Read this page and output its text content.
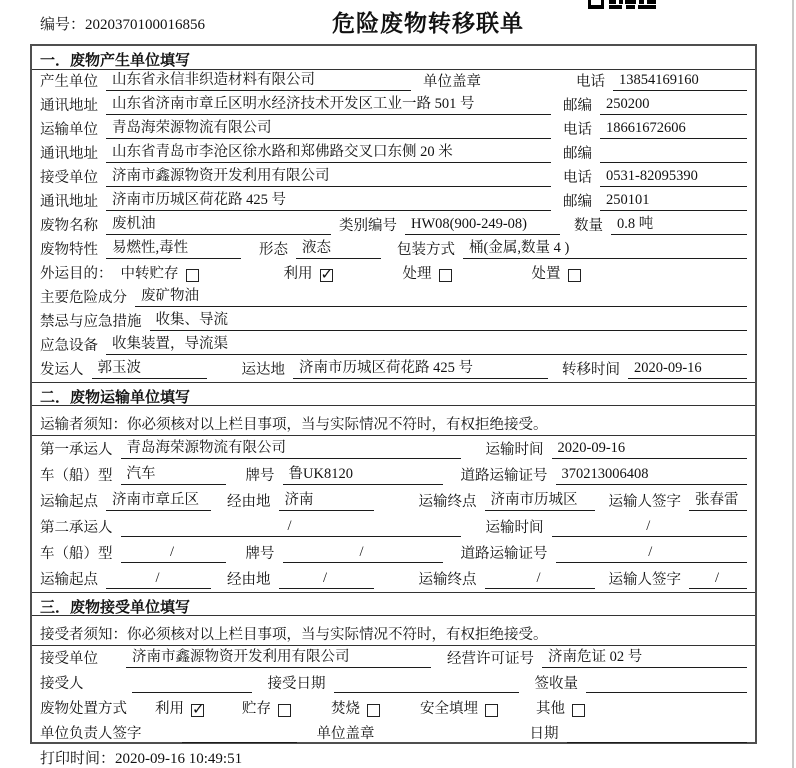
编号：2020370100016856	危险废物转移联单
一．废物产生单位填写
产生单位 山东省永信非织造材料有限公司	单位盖章	电话 13854169160
通讯地址 山东省济南市章丘区明水经济技术开发区工业一路 501 号	邮编 250200
运输单位 青岛海荣源物流有限公司	电话 18661672606
通讯地址 山东省青岛市李沧区徐水路和郑佛路交叉口东侧 20 米	邮编
接受单位 济南市鑫源物资开发利用有限公司	电话 0531-82095390
通讯地址 济南市历城区荷花路 425 号	邮编 250101
废物名称 废机油	类别编号 HW08(900-249-08)	数量 0.8 吨
废物特性 易燃性,毒性	形态 液态	包装方式 桶(金属,数量 4 )
外运目的： 中转贮存	利用 ✓	处理	处置
主要危险成分 废矿物油
禁忌与应急措施 收集、导流
应急设备 收集装置，导流渠
发运人 郭玉波	运达地 济南市历城区荷花路 425 号	转移时间 2020-09-16
二．废物运输单位填写
运输者须知：你必须核对以上栏目事项，当与实际情况不符时，有权拒绝接受。
第一承运人 青岛海荣源物流有限公司	运输时间 2020-09-16
车（船）型 汽车	牌号 鲁UK8120	道路运输证号 370213006408
运输起点 济南市章丘区	经由地 济南	运输终点 济南市历城区	运输人签字 张春雷
第二承运人	/	运输时间	/
车（船）型	/	牌号	/	道路运输证号	/
运输起点	/	经由地	/	运输终点	/	运输人签字	/
三．废物接受单位填写
接受者须知：你必须核对以上栏目事项，当与实际情况不符时，有权拒绝接受。
接受单位	济南市鑫源物资开发利用有限公司	经营许可证号 济南危证 02 号
接受人	接受日期	签收量
废物处置方式 利用 ✓	贮存	焚烧	安全填埋	其他
单位负责人签字	单位盖章	日期
打印时间：2020-09-16 10:49:51
